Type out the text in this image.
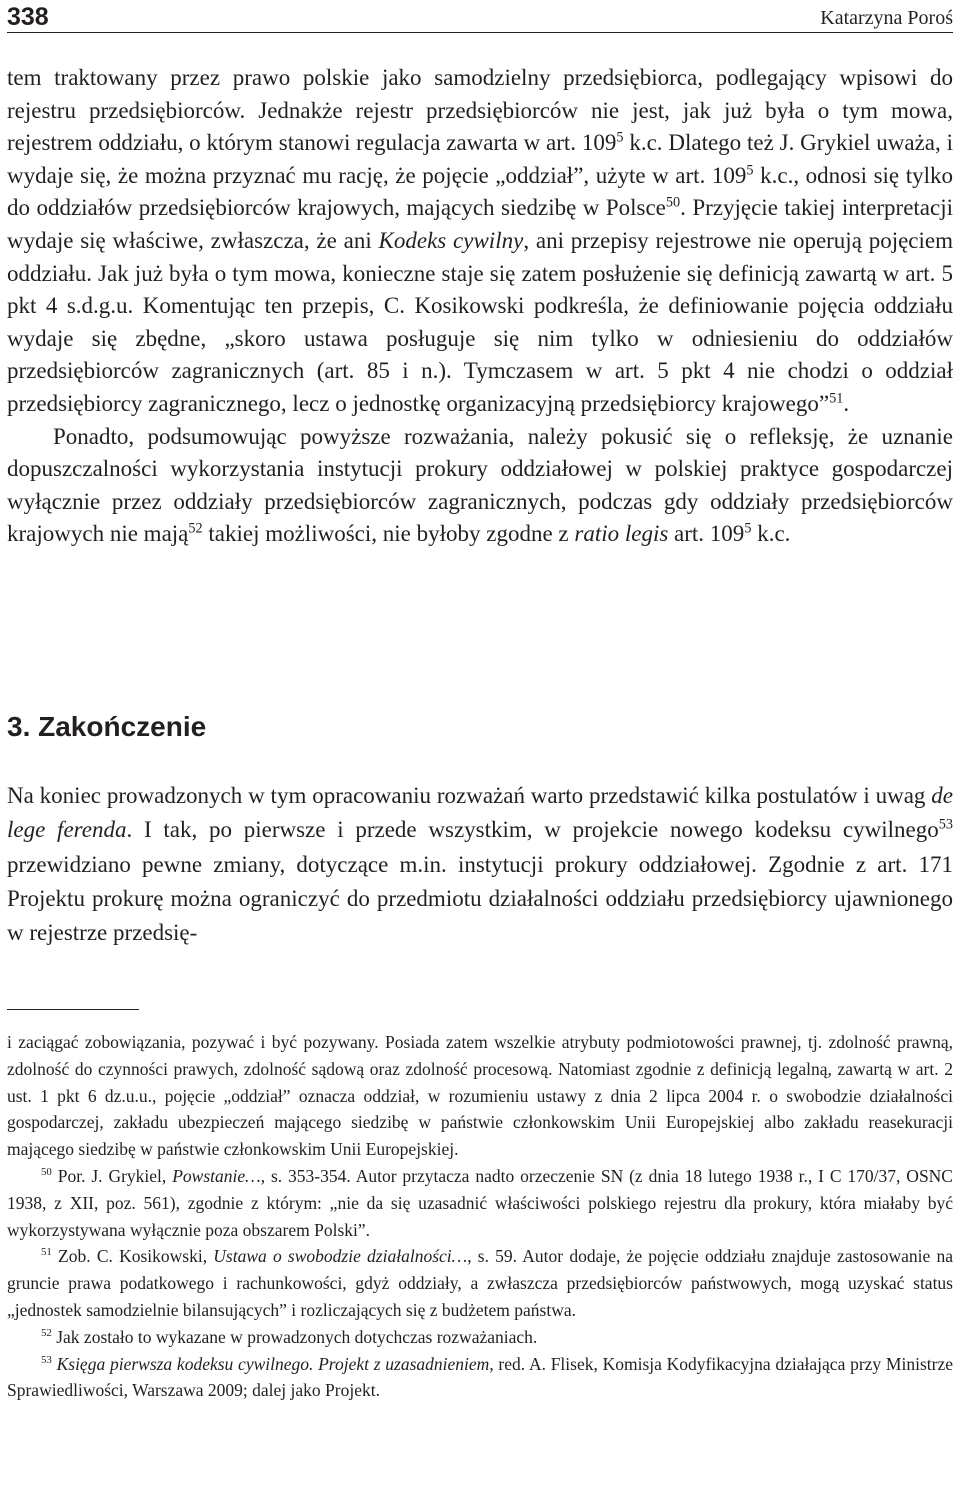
338	Katarzyna Poroś

tem traktowany przez prawo polskie jako samodzielny przedsiębiorca, podlegający wpisowi do rejestru przedsiębiorców. Jednakże rejestr przedsiębiorców nie jest, jak już była o tym mowa, rejestrem oddziału, o którym stanowi regulacja zawarta w art. $109^5$ k.c. Dlatego też J. Grykiel uważa, i wydaje się, że można przyznać mu rację, że pojęcie „oddział”, użyte w art. $109^5$ k.c., odnosi się tylko do oddziałów przedsiębiorców krajowych, mających siedzibę w Polsce$^{50}$. Przyjęcie takiej interpretacji wydaje się właściwe, zwłaszcza, że ani Kodeks cywilny, ani przepisy rejestrowe nie operują pojęciem oddziału. Jak już była o tym mowa, konieczne staje się zatem posłużenie się definicją zawartą w art. 5 pkt 4 s.d.g.u. Komentując ten przepis, C. Kosikowski podkreśla, że definiowanie pojęcia oddziału wydaje się zbędne, „skoro ustawa posługuje się nim tylko w odniesieniu do oddziałów przedsiębiorców zagranicznych (art. 85 i n.). Tymczasem w art. 5 pkt 4 nie chodzi o oddział przedsiębiorcy zagranicznego, lecz o jednostkę organizacyjną przedsiębiorcy krajowego”$^{51}$.

Ponadto, podsumowując powyższe rozważania, należy pokusić się o refleksję, że uznanie dopuszczalności wykorzystania instytucji prokury oddziałowej w polskiej praktyce gospodarczej wyłącznie przez oddziały przedsiębiorców zagranicznych, podczas gdy oddziały przedsiębiorców krajowych nie mają$^{52}$ takiej możliwości, nie byłoby zgodne z ratio legis art. $109^5$ k.c.

3. Zakończenie

Na koniec prowadzonych w tym opracowaniu rozważań warto przedstawić kilka postulatów i uwag de lege ferenda. I tak, po pierwsze i przede wszystkim, w projekcie nowego kodeksu cywilnego$^{53}$ przewidziano pewne zmiany, dotyczące m.in. instytucji prokury oddziałowej. Zgodnie z art. 171 Projektu prokurę można ograniczyć do przedmiotu działalności oddziału przedsiębiorcy ujawnionego w rejestrze przedsię-

i zaciągać zobowiązania, pozywać i być pozywany. Posiada zatem wszelkie atrybuty podmiotowości prawnej, tj. zdolność prawną, zdolność do czynności prawych, zdolność sądową oraz zdolność procesową. Natomiast zgodnie z definicją legalną, zawartą w art. 2 ust. 1 pkt 6 dz.u.u., pojęcie „oddział” oznacza oddział, w rozumieniu ustawy z dnia 2 lipca 2004 r. o swobodzie działalności gospodarczej, zakładu ubezpieczeń mającego siedzibę w państwie członkowskim Unii Europejskiej albo zakładu reasekuracji mającego siedzibę w państwie członkowskim Unii Europejskiej.

$^{50}$ Por. J. Grykiel, Powstanie…, s. 353-354. Autor przytacza nadto orzeczenie SN (z dnia 18 lutego 1938 r., I C 170/37, OSNC 1938, z XII, poz. 561), zgodnie z którym: „nie da się uzasadnić właściwości polskiego rejestru dla prokury, która miałaby być wykorzystywana wyłącznie poza obszarem Polski”.

$^{51}$ Zob. C. Kosikowski, Ustawa o swobodzie działalności…, s. 59. Autor dodaje, że pojęcie oddziału znajduje zastosowanie na gruncie prawa podatkowego i rachunkowości, gdyż oddziały, a zwłaszcza przedsiębiorców państwowych, mogą uzyskać status „jednostek samodzielnie bilansujących” i rozliczających się z budżetem państwa.

$^{52}$ Jak zostało to wykazane w prowadzonych dotychczas rozważaniach.

$^{53}$ Księga pierwsza kodeksu cywilnego. Projekt z uzasadnieniem, red. A. Flisek, Komisja Kodyfikacyjna działająca przy Ministrze Sprawiedliwości, Warszawa 2009; dalej jako Projekt.
